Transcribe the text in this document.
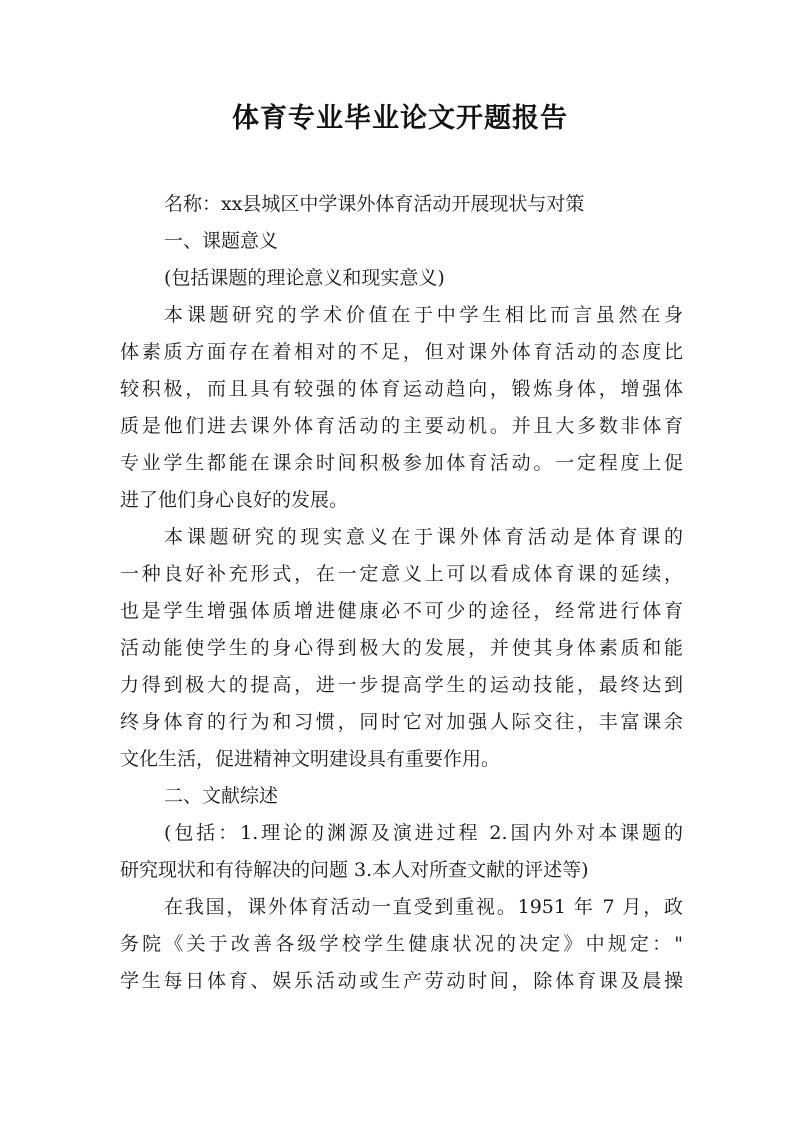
体育专业毕业论文开题报告
名称：xx县城区中学课外体育活动开展现状与对策
一、课题意义
(包括课题的理论意义和现实意义)
本课题研究的学术价值在于中学生相比而言虽然在身
体素质方面存在着相对的不足，但对课外体育活动的态度比
较积极，而且具有较强的体育运动趋向，锻炼身体，增强体
质是他们进去课外体育活动的主要动机。并且大多数非体育
专业学生都能在课余时间积极参加体育活动。一定程度上促
进了他们身心良好的发展。
本课题研究的现实意义在于课外体育活动是体育课的
一种良好补充形式，在一定意义上可以看成体育课的延续，
也是学生增强体质增进健康必不可少的途径，经常进行体育
活动能使学生的身心得到极大的发展，并使其身体素质和能
力得到极大的提高，进一步提高学生的运动技能，最终达到
终身体育的行为和习惯，同时它对加强人际交往，丰富课余
文化生活，促进精神文明建设具有重要作用。
二、文献综述
(包括：1.理论的渊源及演进过程 2.国内外对本课题的
研究现状和有待解决的问题 3.本人对所查文献的评述等)
在我国，课外体育活动一直受到重视。1951 年 7 月，政
务院《关于改善各级学校学生健康状况的决定》中规定："
学生每日体育、娱乐活动或生产劳动时间，除体育课及晨操
